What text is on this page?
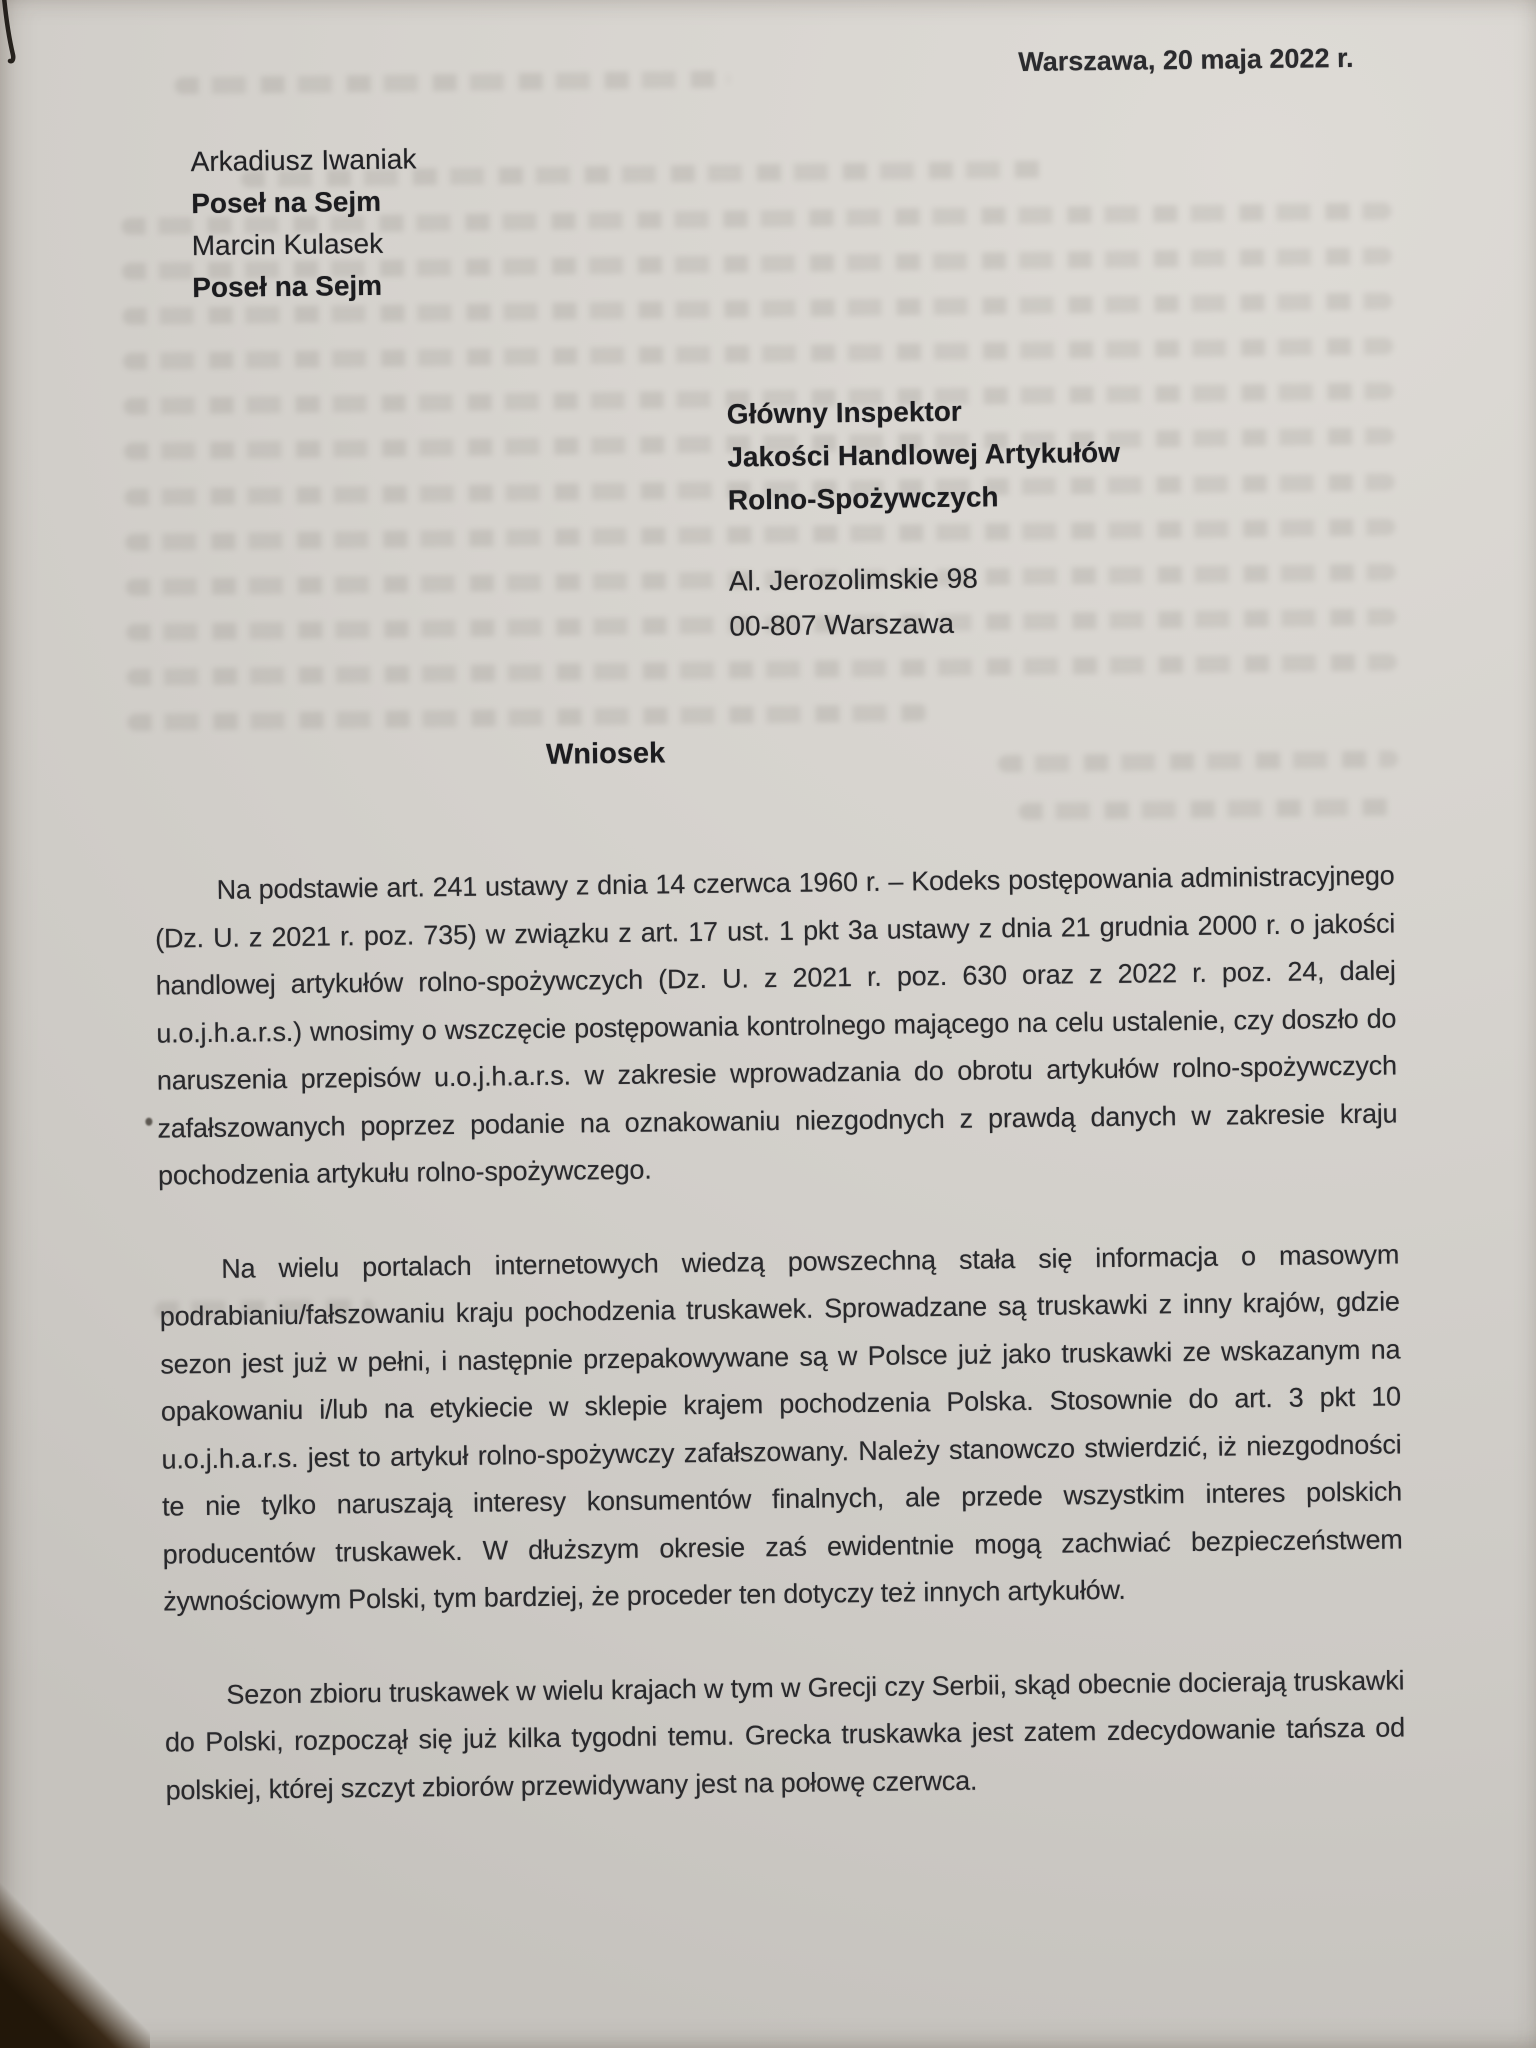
Warszawa, 20 maja 2022 r.
Arkadiusz Iwaniak
Poseł na Sejm
Marcin Kulasek
Poseł na Sejm
Główny Inspektor
Jakości Handlowej Artykułów
Rolno-Spożywczych
Al. Jerozolimskie 98
00-807 Warszawa
Wniosek

Na podstawie art. 241 ustawy z dnia 14 czerwca 1960 r. – Kodeks postępowania administracyjnego (Dz. U. z 2021 r. poz. 735) w związku z art. 17 ust. 1 pkt 3a ustawy z dnia 21 grudnia 2000 r. o jakości handlowej artykułów rolno-spożywczych (Dz. U. z 2021 r. poz. 630 oraz z 2022 r. poz. 24, dalej u.o.j.h.a.r.s.) wnosimy o wszczęcie postępowania kontrolnego mającego na celu ustalenie, czy doszło do naruszenia przepisów u.o.j.h.a.r.s. w zakresie wprowadzania do obrotu artykułów rolno-spożywczych zafałszowanych poprzez podanie na oznakowaniu niezgodnych z prawdą danych w zakresie kraju pochodzenia artykułu rolno-spożywczego.

Na wielu portalach internetowych wiedzą powszechną stała się informacja o masowym podrabianiu/fałszowaniu kraju pochodzenia truskawek. Sprowadzane są truskawki z inny krajów, gdzie sezon jest już w pełni, i następnie przepakowywane są w Polsce już jako truskawki ze wskazanym na opakowaniu i/lub na etykiecie w sklepie krajem pochodzenia Polska. Stosownie do art. 3 pkt 10 u.o.j.h.a.r.s. jest to artykuł rolno-spożywczy zafałszowany. Należy stanowczo stwierdzić, iż niezgodności te nie tylko naruszają interesy konsumentów finalnych, ale przede wszystkim interes polskich producentów truskawek. W dłuższym okresie zaś ewidentnie mogą zachwiać bezpieczeństwem żywnościowym Polski, tym bardziej, że proceder ten dotyczy też innych artykułów.

Sezon zbioru truskawek w wielu krajach w tym w Grecji czy Serbii, skąd obecnie docierają truskawki do Polski, rozpoczął się już kilka tygodni temu. Grecka truskawka jest zatem zdecydowanie tańsza od polskiej, której szczyt zbiorów przewidywany jest na połowę czerwca.
